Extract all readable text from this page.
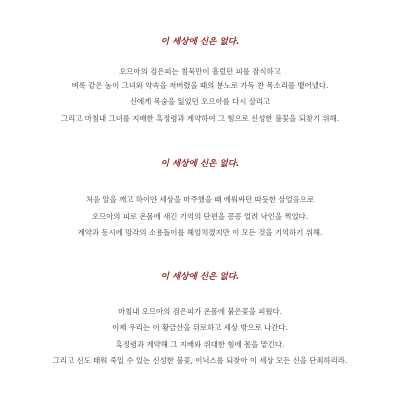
이 세상에 신은 없다.
오므아의 검은피는 침묵만이 흘렀던 피를 잠식하고
벼룩 같은 놈이 그녀와 약속을 저버렸을 때의 분노로 가득 찬 목소리를 뱉어냈다.
신에게 목숨을 잃었던 오므아를 다시 살리고
그리고 마침내 그녀를 지배한 흑정령과 계약하여 그 힘으로 신성한 불꽃을 되찾기 위해.
이 세상에 신은 없다.
처음 알을 깨고 하이얀 세상을 마주했을 때 에워싸던 따듯한 살얼음으로
오므아의 피로 온몸에 새긴 기억의 단편을 꽁꽁 얼려 낙인을 찍었다.
계약과 동시에 망각의 소용돌이를 헤엄치겠지만 이 모든 것을 기억하기 위해.
이 세상에 신은 없다.
마침내 오므아의 검은피가 온몸에 붉은꽃을 피웠다.
이제 우리는 이 황금산을 뒤로하고 세상 밖으로 나간다.
흑정령과 계약해 그 지배와 위대한 힘에 몸을 맡긴다.
그리고 신도 태워 죽일 수 있는 신성한 불꽃, 이닉스를 되찾아 이 세상 모든 신을 단죄하리라.
